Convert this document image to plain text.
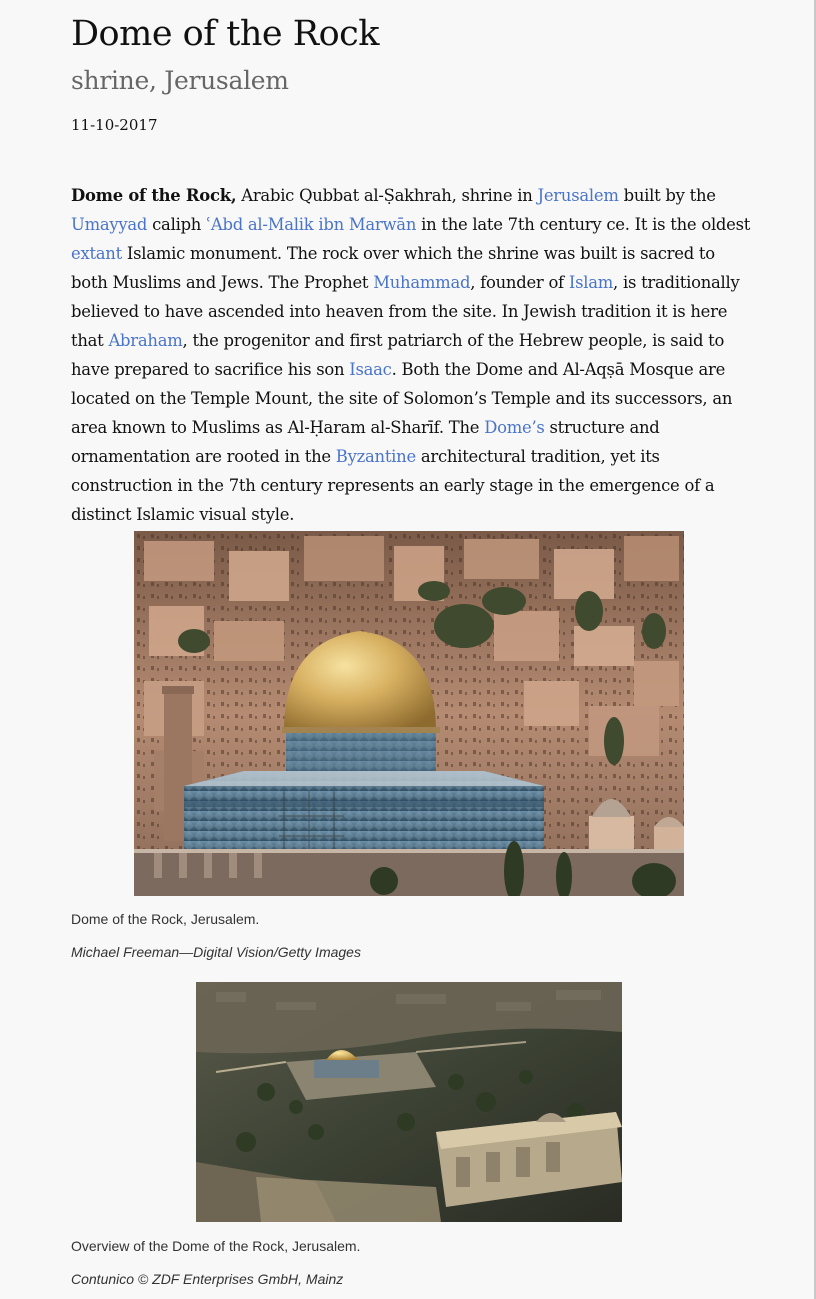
Dome of the Rock
shrine, Jerusalem
11-10-2017

Dome of the Rock, Arabic Qubbat al-Ṣakhrah, shrine in Jerusalem built by the Umayyad caliph ʿAbd al-Malik ibn Marwān in the late 7th century ce. It is the oldest extant Islamic monument. The rock over which the shrine was built is sacred to both Muslims and Jews. The Prophet Muhammad, founder of Islam, is traditionally believed to have ascended into heaven from the site. In Jewish tradition it is here that Abraham, the progenitor and first patriarch of the Hebrew people, is said to have prepared to sacrifice his son Isaac. Both the Dome and Al-Aqṣā Mosque are located on the Temple Mount, the site of Solomon’s Temple and its successors, an area known to Muslims as Al-Ḥaram al-Sharīf. The Dome’s structure and ornamentation are rooted in the Byzantine architectural tradition, yet its construction in the 7th century represents an early stage in the emergence of a distinct Islamic visual style.

Dome of the Rock, Jerusalem.
Michael Freeman—Digital Vision/Getty Images
Overview of the Dome of the Rock, Jerusalem.
Contunico © ZDF Enterprises GmbH, Mainz
